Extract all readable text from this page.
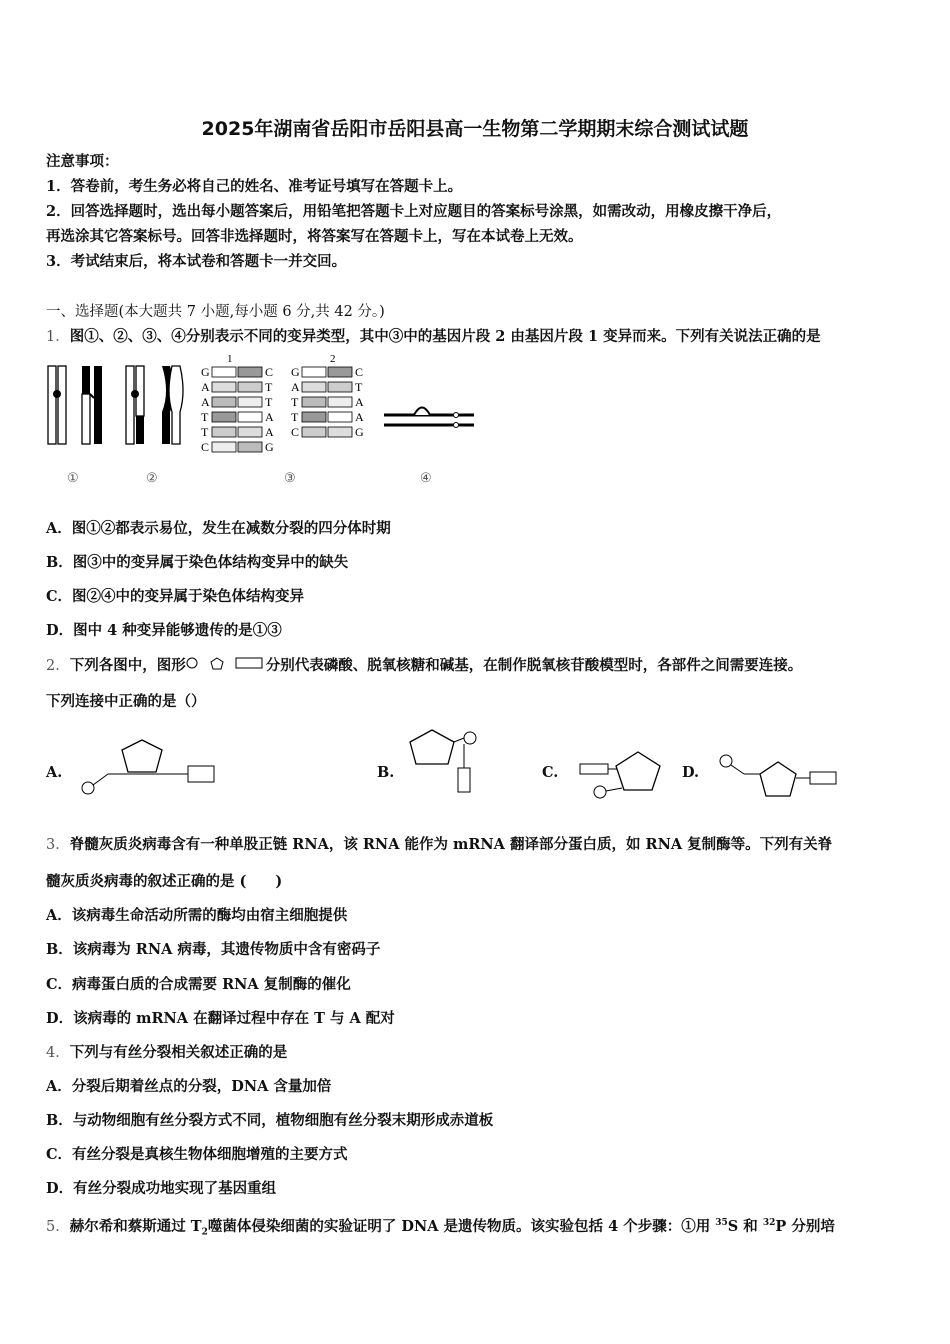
2025年湖南省岳阳市岳阳县高一生物第二学期期末综合测试试题
注意事项：
1．答卷前，考生务必将自己的姓名、准考证号填写在答题卡上。
2．回答选择题时，选出每小题答案后，用铅笔把答题卡上对应题目的答案标号涂黑，如需改动，用橡皮擦干净后，
再选涂其它答案标号。回答非选择题时，将答案写在答题卡上，写在本试卷上无效。
3．考试结束后，将本试卷和答题卡一并交回。
一、选择题(本大题共 7 小题,每小题 6 分,共 42 分。)
1．图①、②、③、④分别表示不同的变异类型，其中③中的基因片段 2 由基因片段 1 变异而来。下列有关说法正确的是
1	2
G	C
A	T
A	T
T	A
T	A
C	G
G	C
A	T
T	A
T	A
C	G
①	②	③	④
A．图①②都表示易位，发生在减数分裂的四分体时期
B．图③中的变异属于染色体结构变异中的缺失
C．图②④中的变异属于染色体结构变异
D．图中 4 种变异能够遗传的是①③
2．下列各图中，图形	分别代表磷酸、脱氧核糖和碱基，在制作脱氧核苷酸模型时，各部件之间需要连接。
下列连接中正确的是（）
A.	B.	C.	D.
3．脊髓灰质炎病毒含有一种单股正链 RNA，该 RNA 能作为 mRNA 翻译部分蛋白质，如 RNA 复制酶等。下列有关脊
髓灰质炎病毒的叙述正确的是 (　　)
A．该病毒生命活动所需的酶均由宿主细胞提供
B．该病毒为 RNA 病毒，其遗传物质中含有密码子
C．病毒蛋白质的合成需要 RNA 复制酶的催化
D．该病毒的 mRNA 在翻译过程中存在 T 与 A 配对
4．下列与有丝分裂相关叙述正确的是
A．分裂后期着丝点的分裂，DNA 含量加倍
B．与动物细胞有丝分裂方式不同，植物细胞有丝分裂末期形成赤道板
C．有丝分裂是真核生物体细胞增殖的主要方式
D．有丝分裂成功地实现了基因重组
5．赫尔希和蔡斯通过 $T_2$噬菌体侵染细菌的实验证明了 DNA 是遗传物质。该实验包括 4 个步骤：①用 $^{35}$S 和 $^{32}$P 分别培
